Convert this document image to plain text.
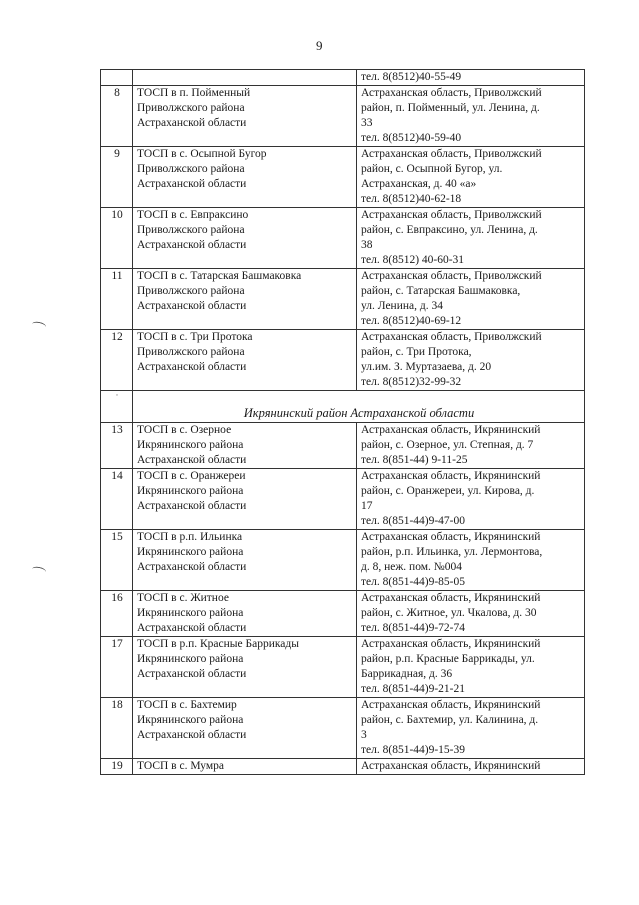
9

		тел. 8(8512)40-55-49

8	ТОСП в п. Пойменный
Приволжского района
Астраханской области	Астраханская область, Приволжский
район, п. Пойменный, ул. Ленина, д.
33
тел. 8(8512)40-59-40

9	ТОСП в с. Осыпной Бугор
Приволжского района
Астраханской области	Астраханская область, Приволжский
район, с. Осыпной Бугор, ул.
Астраханская, д. 40 «а»
тел. 8(8512)40-62-18

10	ТОСП в с. Евпраксино
Приволжского района
Астраханской области	Астраханская область, Приволжский
район, с. Евпраксино, ул. Ленина, д.
38
тел. 8(8512) 40-60-31

11	ТОСП в с. Татарская Башмаковка
Приволжского района
Астраханской области	Астраханская область, Приволжский
район, с. Татарская Башмаковка,
ул. Ленина, д. 34
тел. 8(8512)40-69-12

12	ТОСП в с. Три Протока
Приволжского района
Астраханской области	Астраханская область, Приволжский
район, с. Три Протока,
ул.им. З. Муртазаева, д. 20
тел. 8(8512)32-99-32

·	Икрянинский район Астраханской области	
13	ТОСП в с. Озерное
Икрянинского района
Астраханской области	Астраханская область, Икрянинский
район, с. Озерное, ул. Степная, д. 7
тел. 8(851-44) 9-11-25

14	ТОСП в с. Оранжереи
Икрянинского района
Астраханской области	Астраханская область, Икрянинский
район, с. Оранжереи, ул. Кирова, д.
17
тел. 8(851-44)9-47-00

15	ТОСП в р.п. Ильинка
Икрянинского района
Астраханской области	Астраханская область, Икрянинский
район, р.п. Ильинка, ул. Лермонтова,
д. 8, неж. пом. №004
тел. 8(851-44)9-85-05

16	ТОСП в с. Житное
Икрянинского района
Астраханской области	Астраханская область, Икрянинский
район, с. Житное, ул. Чкалова, д. 30
тел. 8(851-44)9-72-74

17	ТОСП в р.п. Красные Баррикады
Икрянинского района
Астраханской области	Астраханская область, Икрянинский
район, р.п. Красные Баррикады, ул.
Баррикадная, д. 36
тел. 8(851-44)9-21-21

18	ТОСП в с. Бахтемир
Икрянинского района
Астраханской области	Астраханская область, Икрянинский
район, с. Бахтемир, ул. Калинина, д.
3
тел. 8(851-44)9-15-39

19	ТОСП в с. Мумра	Астраханская область, Икрянинский
